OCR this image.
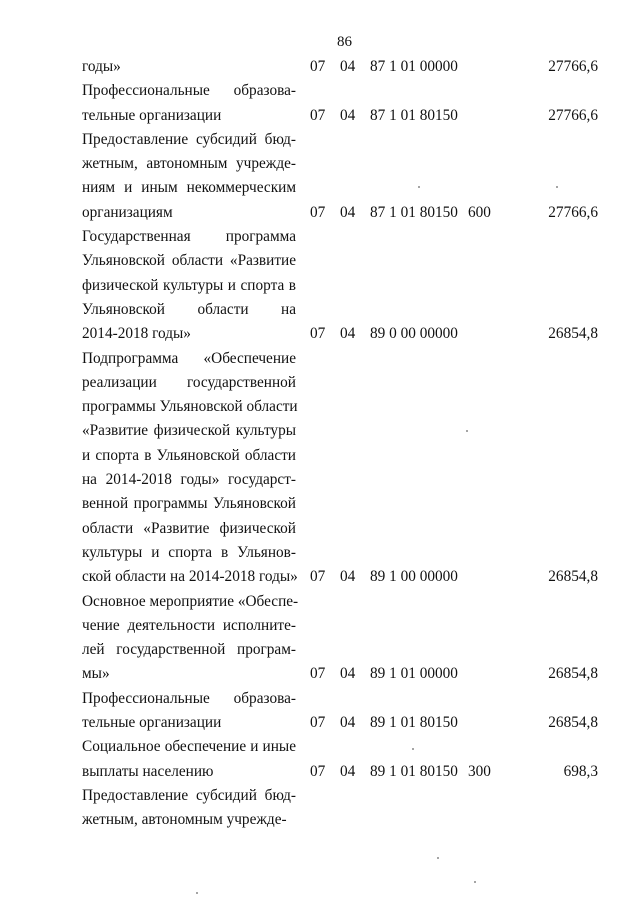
86
годы»	07 04 87 1 01 00000	27766,6
Профессиональные образова-
тельные организации	07 04 87 1 01 80150	27766,6
Предоставление субсидий бюд-
жетным, автономным учрежде-
ниям и иным некоммерческим
организациям	07 04 87 1 01 80150 600	27766,6
Государственная программа
Ульяновской области «Развитие
физической культуры и спорта в
Ульяновской области на
2014-2018 годы»	07 04 89 0 00 00000	26854,8
Подпрограмма «Обеспечение
реализации государственной
программы Ульяновской области
«Развитие физической культуры
и спорта в Ульяновской области
на 2014-2018 годы» государст-
венной программы Ульяновской
области «Развитие физической
культуры и спорта в Ульянов-
ской области на 2014-2018 годы» 07 04 89 1 00 00000	26854,8
Основное мероприятие «Обеспе-
чение деятельности исполните-
лей государственной програм-
мы»	07 04 89 1 01 00000	26854,8
Профессиональные образова-
тельные организации	07 04 89 1 01 80150	26854,8
Социальное обеспечение и иные
выплаты населению	07 04 89 1 01 80150 300	698,3
Предоставление субсидий бюд-
жетным, автономным учрежде-
